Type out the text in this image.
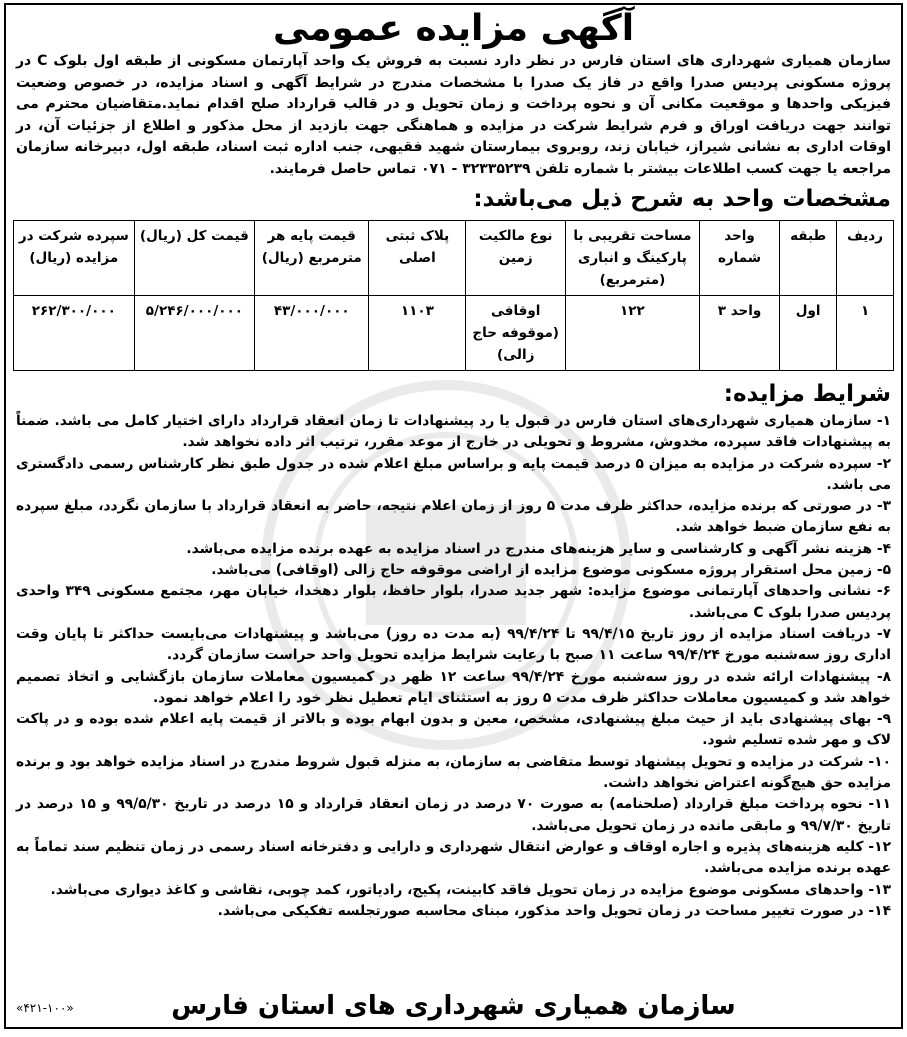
آگهی مزایده عمومی
سازمان همیاری شهرداری های استان فارس در نظر دارد نسبت به فروش یک واحد آپارتمان مسکونی از طبقه اول بلوک C در پروژه مسکونی پردیس صدرا واقع در فاز یک صدرا با مشخصات مندرج در شرایط آگهی و اسناد مزایده، در خصوص وضعیت فیزیکی واحدها و موقعیت مکانی آن و نحوه پرداخت و زمان تحویل و در قالب قرارداد صلح اقدام نماید.متقاضیان محترم می توانند جهت دریافت اوراق و فرم شرایط شرکت در مزایده و هماهنگی جهت بازدید از محل مذکور و اطلاع از جزئیات آن، در اوقات اداری به نشانی شیراز، خیابان زند، روبروی بیمارستان شهید فقیهی، جنب اداره ثبت اسناد، طبقه اول، دبیرخانه سازمان مراجعه یا جهت کسب اطلاعات بیشتر با شماره تلفن ۳۲۳۳۵۲۳۹ - ۰۷۱ تماس حاصل فرمایند.
مشخصات واحد به شرح ذیل می‌باشد:
ردیف	طبقه	واحد شماره	مساحت تقریبی با پارکینگ و انباری (مترمربع)	نوع مالکیت زمین	پلاک ثبتی اصلی	قیمت پایه هر مترمربع (ریال)	قیمت کل (ریال)	سپرده شرکت در مزایده (ریال)
۱	اول	واحد ۳	۱۲۲	اوقافی (موقوفه حاج زالی)	۱۱۰۳	۴۳/۰۰۰/۰۰۰	۵/۲۴۶/۰۰۰/۰۰۰	۲۶۲/۳۰۰/۰۰۰
شرایط مزایده:

۱- سازمان همیاری شهرداری‌های استان فارس در قبول یا رد پیشنهادات تا زمان انعقاد قرارداد دارای اختیار کامل می باشد. ضمناً به پیشنهادات فاقد سپرده، مخدوش، مشروط و تحویلی در خارج از موعد مقرر، ترتیب اثر داده نخواهد شد.

۲- سپرده شرکت در مزایده به میزان ۵ درصد قیمت پایه و براساس مبلغ اعلام شده در جدول طبق نظر کارشناس رسمی دادگستری می باشد.

۳- در صورتی که برنده مزایده، حداکثر ظرف مدت ۵ روز از زمان اعلام نتیجه، حاضر به انعقاد قرارداد با سازمان نگردد، مبلغ سپرده به نفع سازمان ضبط خواهد شد.

۴- هزینه نشر آگهی و کارشناسی و سایر هزینه‌های مندرج در اسناد مزایده به عهده برنده مزایده می‌باشد.

۵- زمین محل استقرار پروژه مسکونی موضوع مزایده از اراضی موقوفه حاج زالی (اوقافی) می‌باشد.

۶- نشانی واحدهای آپارتمانی موضوع مزایده: شهر جدید صدرا، بلوار حافظ، بلوار دهخدا، خیابان مهر، مجتمع مسکونی ۳۴۹ واحدی پردیس صدرا بلوک C می‌باشد.

۷- دریافت اسناد مزایده از روز تاریخ ۹۹/۴/۱۵ تا ۹۹/۴/۲۴ (به مدت ده روز) می‌باشد و پیشنهادات می‌بایست حداکثر تا پایان وقت اداری روز سه‌شنبه مورخ ۹۹/۴/۲۴ ساعت ۱۱ صبح با رعایت شرایط مزایده تحویل واحد حراست سازمان گردد.

۸- پیشنهادات ارائه شده در روز سه‌شنبه مورخ ۹۹/۴/۲۴ ساعت ۱۲ ظهر در کمیسیون معاملات سازمان بازگشایی و اتخاذ تصمیم خواهد شد و کمیسیون معاملات حداکثر ظرف مدت ۵ روز به استثنای ایام تعطیل نظر خود را اعلام خواهد نمود.

۹- بهای پیشنهادی باید از حیث مبلغ پیشنهادی، مشخص، معین و بدون ابهام بوده و بالاتر از قیمت پایه اعلام شده بوده و در پاکت لاک و مهر شده تسلیم شود.

۱۰- شرکت در مزایده و تحویل پیشنهاد توسط متقاضی به سازمان، به منزله قبول شروط مندرج در اسناد مزایده خواهد بود و برنده مزایده حق هیچ‌گونه اعتراض نخواهد داشت.

۱۱- نحوه پرداخت مبلغ قرارداد (صلحنامه) به صورت ۷۰ درصد در زمان انعقاد قرارداد و ۱۵ درصد در تاریخ ۹۹/۵/۳۰ و ۱۵ درصد در تاریخ ۹۹/۷/۳۰ و مابقی مانده در زمان تحویل می‌باشد.

۱۲- کلیه هزینه‌های پذیره و اجاره اوقاف و عوارض انتقال شهرداری و دارایی و دفترخانه اسناد رسمی در زمان تنظیم سند تماماً به عهده برنده مزایده می‌باشد.

۱۳- واحدهای مسکونی موضوع مزایده در زمان تحویل فاقد کابینت، پکیج، رادیاتور، کمد چوبی، نقاشی و کاغذ دیواری می‌باشد.

۱۴- در صورت تغییر مساحت در زمان تحویل واحد مذکور، مبنای محاسبه صورتجلسه تفکیکی می‌باشد.

سازمان همیاری شهرداری های استان فارس
«۴۲۱-۱۰۰»
